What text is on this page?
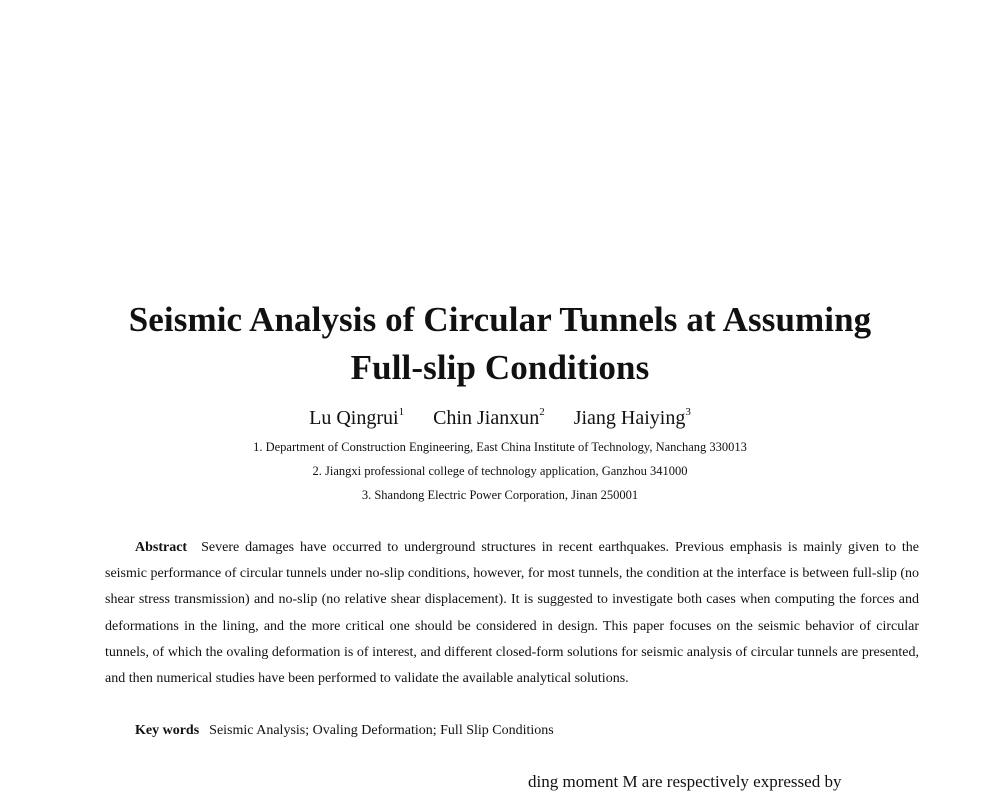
Seismic Analysis of Circular Tunnels at Assuming
Full-slip Conditions
Lu Qingrui$^1$ Chin Jianxun$^2$ Jiang Haiying$^3$
1. Department of Construction Engineering, East China Institute of Technology, Nanchang 330013
2. Jiangxi professional college of technology application, Ganzhou 341000
3. Shandong Electric Power Corporation, Jinan 250001

Abstract Severe damages have occurred to underground structures in recent earthquakes. Previous emphasis is mainly given to the seismic performance of circular tunnels under no-slip conditions, however, for most tunnels, the condition at the interface is between full-slip (no shear stress transmission) and no-slip (no relative shear displacement). It is suggested to investigate both cases when computing the forces and deformations in the lining, and the more critical one should be considered in design. This paper focuses on the seismic behavior of circular tunnels, of which the ovaling deformation is of interest, and different closed-form solutions for seismic analysis of circular tunnels are presented, and then numerical studies have been performed to validate the available analytical solutions.

Key words Seismic Analysis; Ovaling Deformation; Full Slip Conditions
ding moment M are respectively expressed by
